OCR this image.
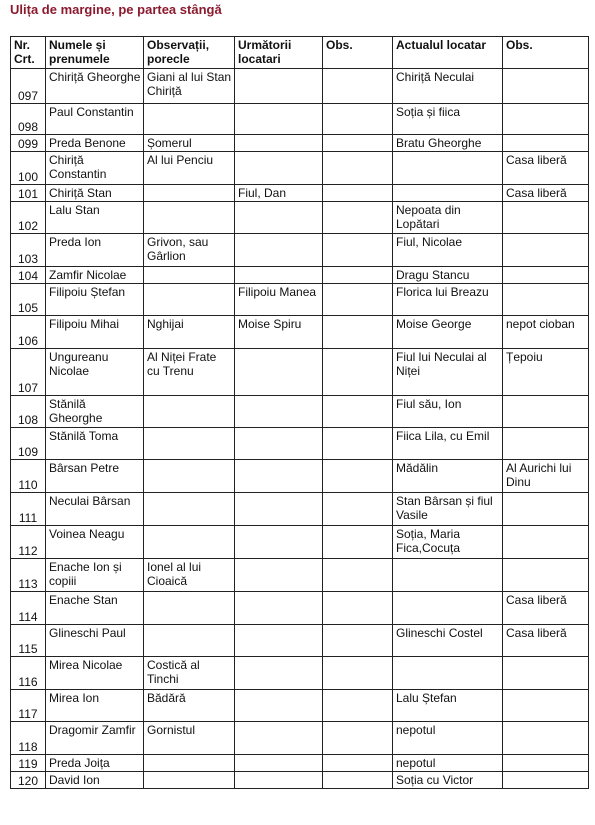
Ulița de margine, pe partea stângă
Nr. Crt.	Numele și prenumele	Observații, porecle	Următorii locatari	Obs.	Actualul locatar	Obs.
097	Chiriță Gheorghe	Giani al lui Stan Chiriță			Chiriță Neculai	
098	Paul Constantin				Soția și fiica	
099	Preda Benone	Șomerul			Bratu Gheorghe	
100	Chiriță Constantin	Al lui Penciu				Casa liberă
101	Chiriță Stan		Fiul, Dan			Casa liberă
102	Lalu Stan				Nepoata din Lopătari	
103	Preda Ion	Grivon, sau Gârlion			Fiul, Nicolae	
104	Zamfir Nicolae				Dragu Stancu	
105	Filipoiu Ștefan		Filipoiu Manea		Florica lui Breazu	
106	Filipoiu Mihai	Nghijai	Moise Spiru		Moise George	nepot cioban
107	Ungureanu Nicolae	Al Niței Frate cu Trenu			Fiul lui Neculai al Niței	Țepoiu
108	Stănilă Gheorghe				Fiul său, Ion	
109	Stănilă Toma				Fiica Lila, cu Emil	
110	Bârsan Petre				Mădălin	Al Aurichi lui Dinu
111	Neculai Bârsan				Stan Bârsan și fiul Vasile	
112	Voinea Neagu				Soția, Maria Fica,Cocuța	
113	Enache Ion și copiii	Ionel al lui Cioaică				
114	Enache Stan					Casa liberă
115	Glineschi Paul				Glineschi Costel	Casa liberă
116	Mirea Nicolae	Costică al Tinchi				
117	Mirea Ion	Bădără			Lalu Ștefan	
118	Dragomir Zamfir	Gornistul			nepotul	
119	Preda Joița				nepotul	
120	David Ion				Soția cu Victor	
